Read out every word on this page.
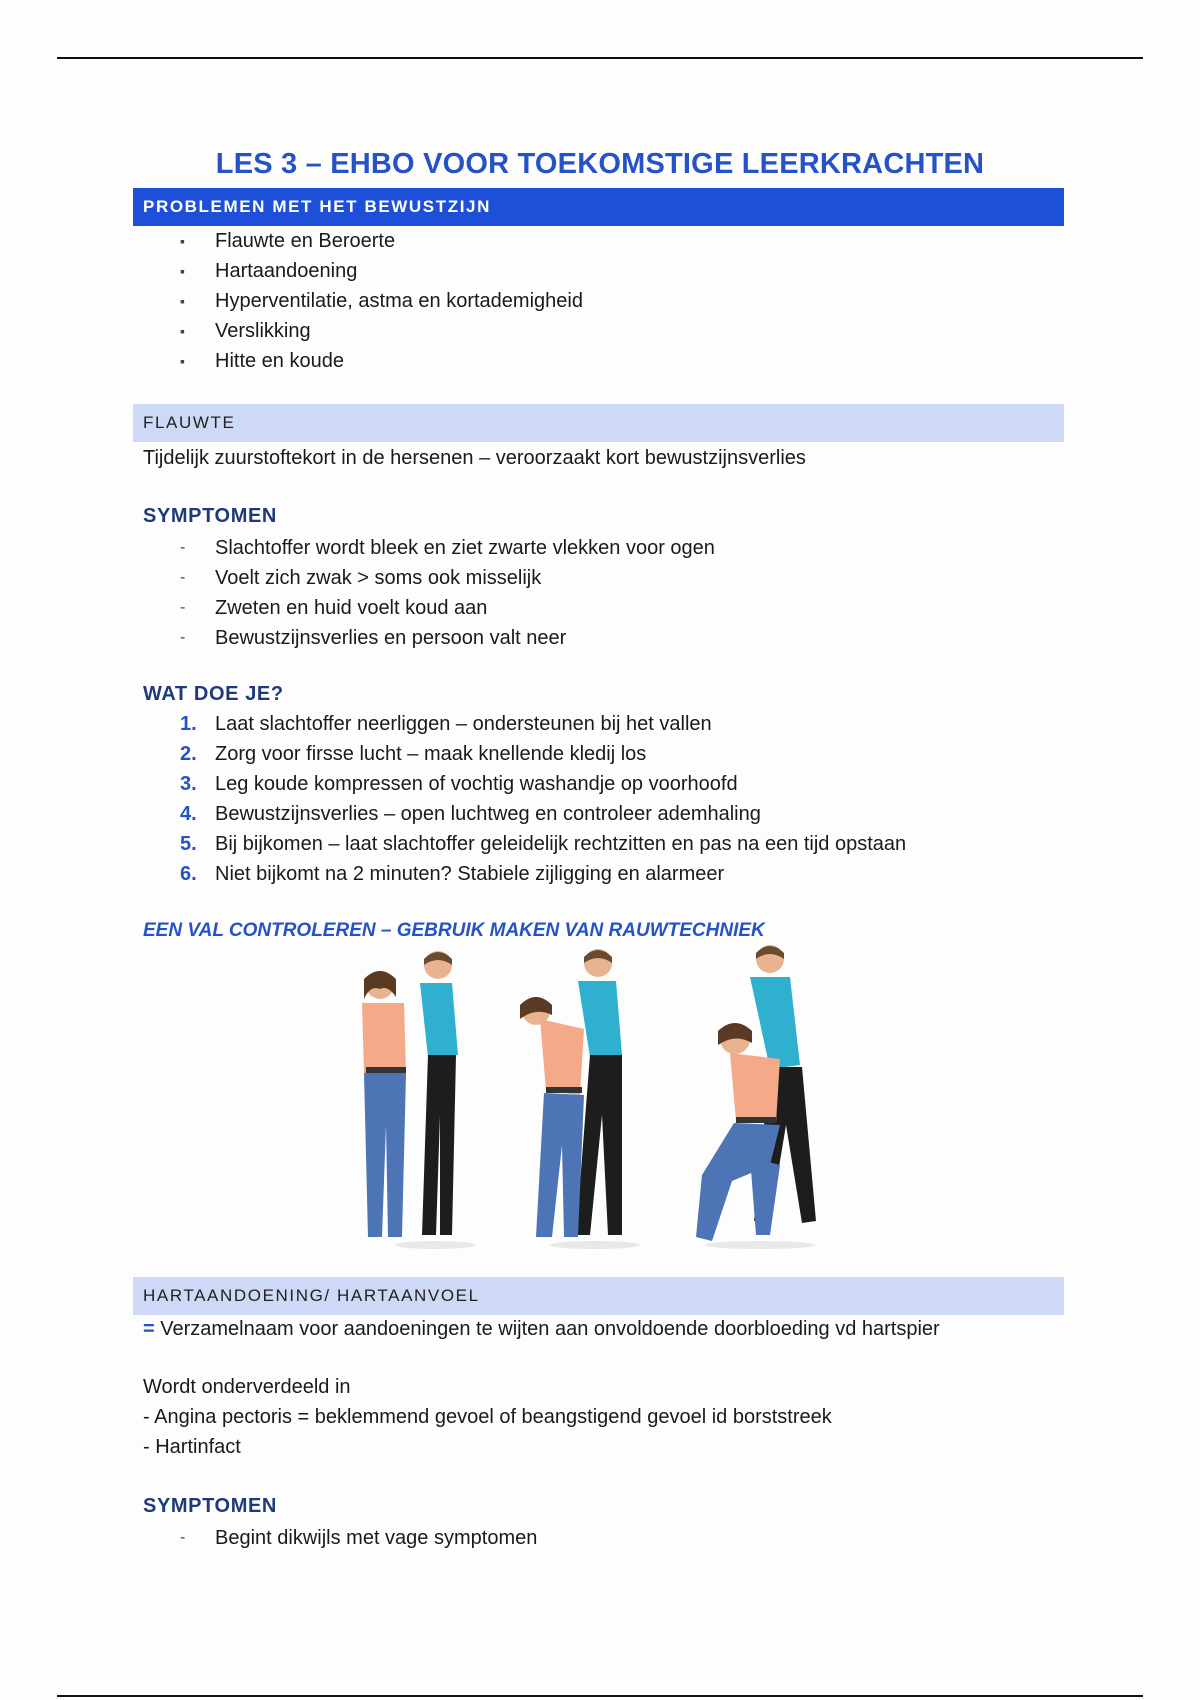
LES 3 – EHBO VOOR TOEKOMSTIGE LEERKRACHTEN
PROBLEMEN MET HET BEWUSTZIJN
▪	Flauwte en Beroerte
▪	Hartaandoening
▪	Hyperventilatie, astma en kortademigheid
▪	Verslikking
▪	Hitte en koude
FLAUWTE

Tijdelijk zuurstoftekort in de hersenen – veroorzaakt kort bewustzijnsverlies

SYMPTOMEN
-	Slachtoffer wordt bleek en ziet zwarte vlekken voor ogen
-	Voelt zich zwak > soms ook misselijk
-	Zweten en huid voelt koud aan
-	Bewustzijnsverlies en persoon valt neer
WAT DOE JE?
1. Laat slachtoffer neerliggen – ondersteunen bij het vallen
2. Zorg voor firsse lucht – maak knellende kledij los
3. Leg koude kompressen of vochtig washandje op voorhoofd
4. Bewustzijnsverlies – open luchtweg en controleer ademhaling
5. Bij bijkomen – laat slachtoffer geleidelijk rechtzitten en pas na een tijd opstaan
6. Niet bijkomt na 2 minuten? Stabiele zijligging en alarmeer
EEN VAL CONTROLEREN – GEBRUIK MAKEN VAN RAUWTECHNIEK
HARTAANDOENING/ HARTAANVOEL

= Verzamelnaam voor aandoeningen te wijten aan onvoldoende doorbloeding vd hartspier

Wordt onderverdeeld in

- Angina pectoris = beklemmend gevoel of beangstigend gevoel id borststreek

- Hartinfact

SYMPTOMEN
-	Begint dikwijls met vage symptomen
